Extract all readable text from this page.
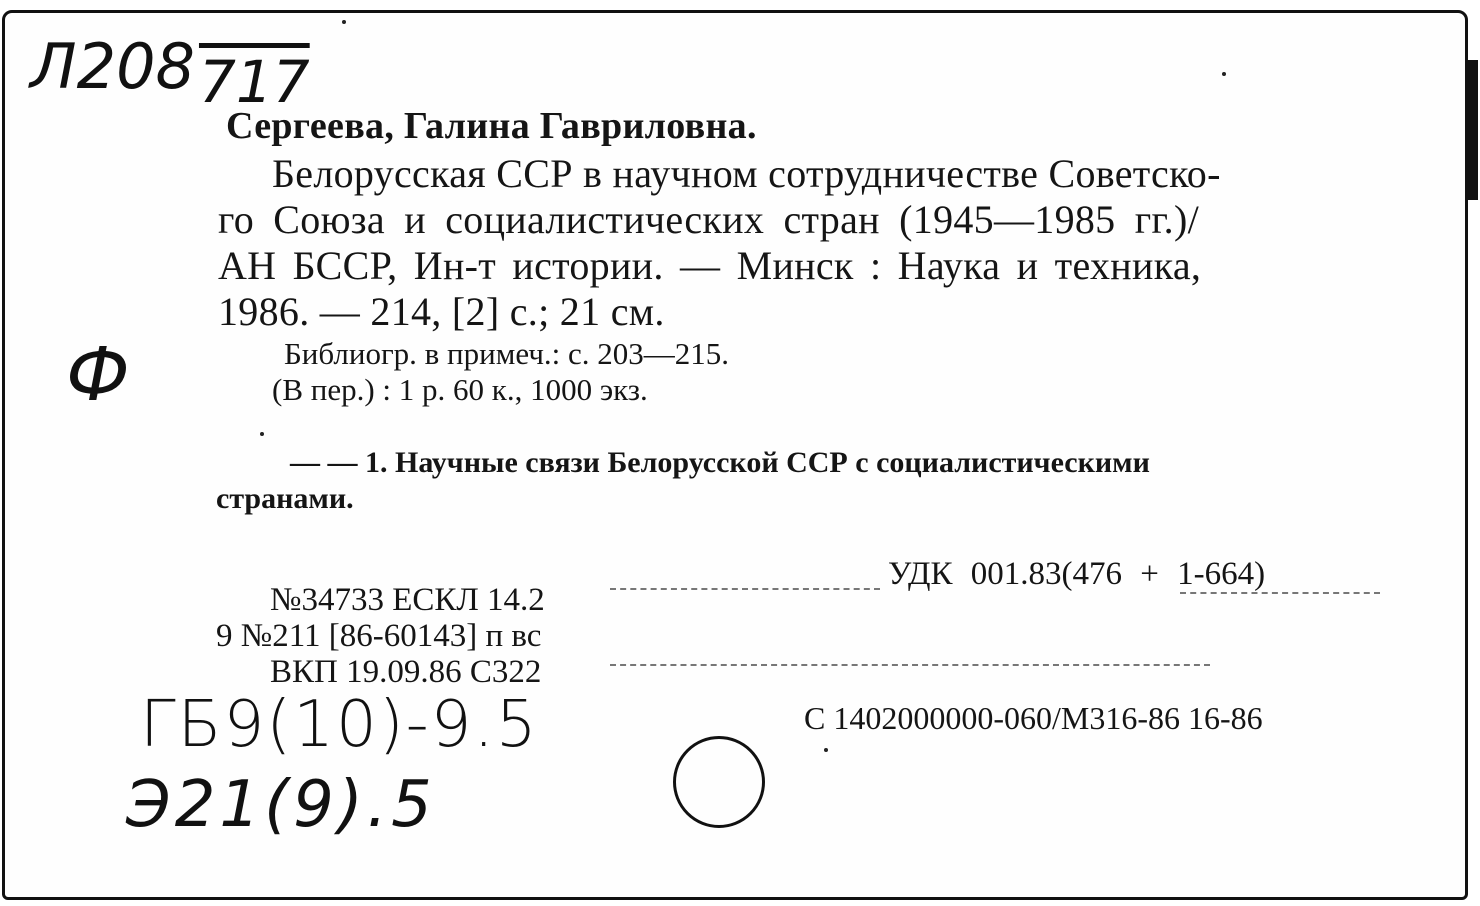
Л208717
Ф
Сергеева, Галина Гавриловна.
Белорусская ССР в научном сотрудничестве Советско-
го Союза и социалистических стран (1945—1985 гг.)/
АН БССР, Ин-т истории. — Минск : Наука и техника,
1986. — 214, [2] с.; 21 см.
Библиогр. в примеч.: с. 203—215.
(В пер.) : 1 р. 60 к., 1000 экз.
— — 1. Научные связи Белорусской ССР с социалистическими
странами.
УДК 001.83(476 + 1-664)
№34733 ЕСКЛ 14.2
9 №211 [86-60143] п вс
ВКП 19.09.86 С322
С 1402000000-060/М316-86 16-86
ГБ9(10)-9.5
Э21(9).5
